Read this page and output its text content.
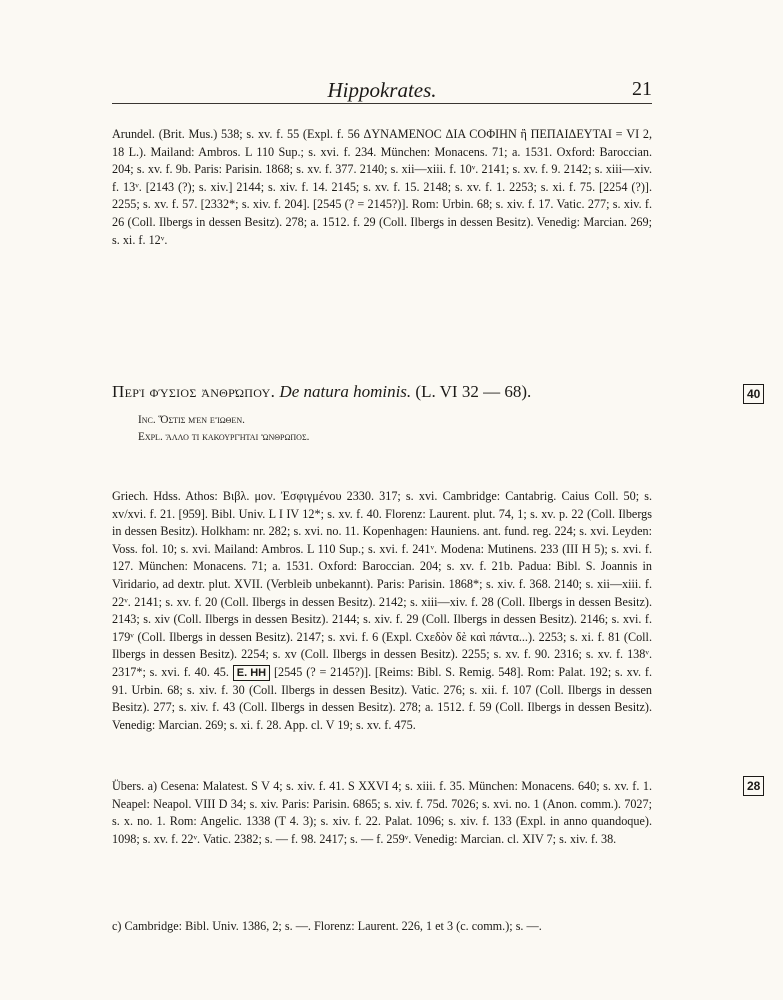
Hippokrates.	21
Arundel. (Brit. Mus.) 538; s. xv. f. 55 (Expl. f. 56 ΔYNAMENOC ΔIA COΦIHN ἢ ΠΕΠΑΙΔΕΥΤΑΙ = VI 2, 18 L.). Mailand: Ambros. L 110 Sup.; s. xvi. f. 234. München: Monacens. 71; a. 1531. Oxford: Baroccian. 204; s. xv. f. 9b. Paris: Parisin. 1868; s. xv. f. 377. 2140; s. xii—xiii. f. 10ᵛ. 2141; s. xv. f. 9. 2142; s. xiii—xiv. f. 13ᵛ. [2143 (?); s. xiv.] 2144; s. xiv. f. 14. 2145; s. xv. f. 15. 2148; s. xv. f. 1. 2253; s. xi. f. 75. [2254 (?)]. 2255; s. xv. f. 57. [2332*; s. xiv. f. 204]. [2545 (? = 2145?)]. Rom: Urbin. 68; s. xiv. f. 17. Vatic. 277; s. xiv. f. 26 (Coll. Ilbergs in dessen Besitz). 278; a. 1512. f. 29 (Coll. Ilbergs in dessen Besitz). Venedig: Marcian. 269; s. xi. f. 12ᵛ.
Περὶ φύσιος ἀνθρώπου. De natura hominis. (L. VI 32 — 68).	40
Inc. Ὅστις μὲν εἴωθεν.
Expl. ἄλλο τι κακουργήται ὥνθρωπος.
Griech. Hdss. Athos: Βιβλ. μον. Ἐσφιγμένου 2330. 317; s. xvi. Cambridge: Cantabrig. Caius Coll. 50; s. xv/xvi. f. 21. [959]. Bibl. Univ. L I IV 12*; s. xv. f. 40. Florenz: Laurent. plut. 74, 1; s. xv. p. 22 (Coll. Ilbergs in dessen Besitz). Holkham: nr. 282; s. xvi. no. 11. Kopenhagen: Hauniens. ant. fund. reg. 224; s. xvi. Leyden: Voss. fol. 10; s. xvi. Mailand: Ambros. L 110 Sup.; s. xvi. f. 241ᵛ. Modena: Mutinens. 233 (III H 5); s. xvi. f. 127. München: Monacens. 71; a. 1531. Oxford: Baroccian. 204; s. xv. f. 21b. Padua: Bibl. S. Joannis in Viridario, ad dextr. plut. XVII. (Verbleib unbekannt). Paris: Parisin. 1868*; s. xiv. f. 368. 2140; s. xii—xiii. f. 22ᵛ. 2141; s. xv. f. 20 (Coll. Ilbergs in dessen Besitz). 2142; s. xiii—xiv. f. 28 (Coll. Ilbergs in dessen Besitz). 2143; s. xiv (Coll. Ilbergs in dessen Besitz). 2144; s. xiv. f. 29 (Coll. Ilbergs in dessen Besitz). 2146; s. xvi. f. 179ᵛ (Coll. Ilbergs in dessen Besitz). 2147; s. xvi. f. 6 (Expl. Cxεδὸν δὲ καὶ πάντα...). 2253; s. xi. f. 81 (Coll. Ilbergs in dessen Besitz). 2254; s. xv (Coll. Ilbergs in dessen Besitz). 2255; s. xv. f. 90. 2316; s. xv. f. 138ᵛ. 2317*; s. xvi. f. 40. 45. E. HH [2545 (? = 2145?)]. [Reims: Bibl. S. Remig. 548]. Rom: Palat. 192; s. xv. f. 91. Urbin. 68; s. xiv. f. 30 (Coll. Ilbergs in dessen Besitz). Vatic. 276; s. xii. f. 107 (Coll. Ilbergs in dessen Besitz). 277; s. xiv. f. 43 (Coll. Ilbergs in dessen Besitz). 278; a. 1512. f. 59 (Coll. Ilbergs in dessen Besitz). Venedig: Marcian. 269; s. xi. f. 28. App. cl. V 19; s. xv. f. 475.
Übers. a) Cesena: Malatest. S V 4; s. xiv. f. 41. S XXVI 4; s. xiii. f. 35. München: Monacens. 640; s. xv. f. 1. Neapel: Neapol. VIII D 34; s. xiv. Paris: Parisin. 6865; s. xiv. f. 75d. 7026; s. xvi. no. 1 (Anon. comm.). 7027; s. x. no. 1. Rom: Angelic. 1338 (T 4. 3); s. xiv. f. 22. Palat. 1096; s. xiv. f. 133 (Expl. in anno quandoque). 1098; s. xv. f. 22ᵛ. Vatic. 2382; s. — f. 98. 2417; s. — f. 259ᵛ. Venedig: Marcian. cl. XIV 7; s. xiv. f. 38.
28
c) Cambridge: Bibl. Univ. 1386, 2; s. —. Florenz: Laurent. 226, 1 et 3 (c. comm.); s. —.
